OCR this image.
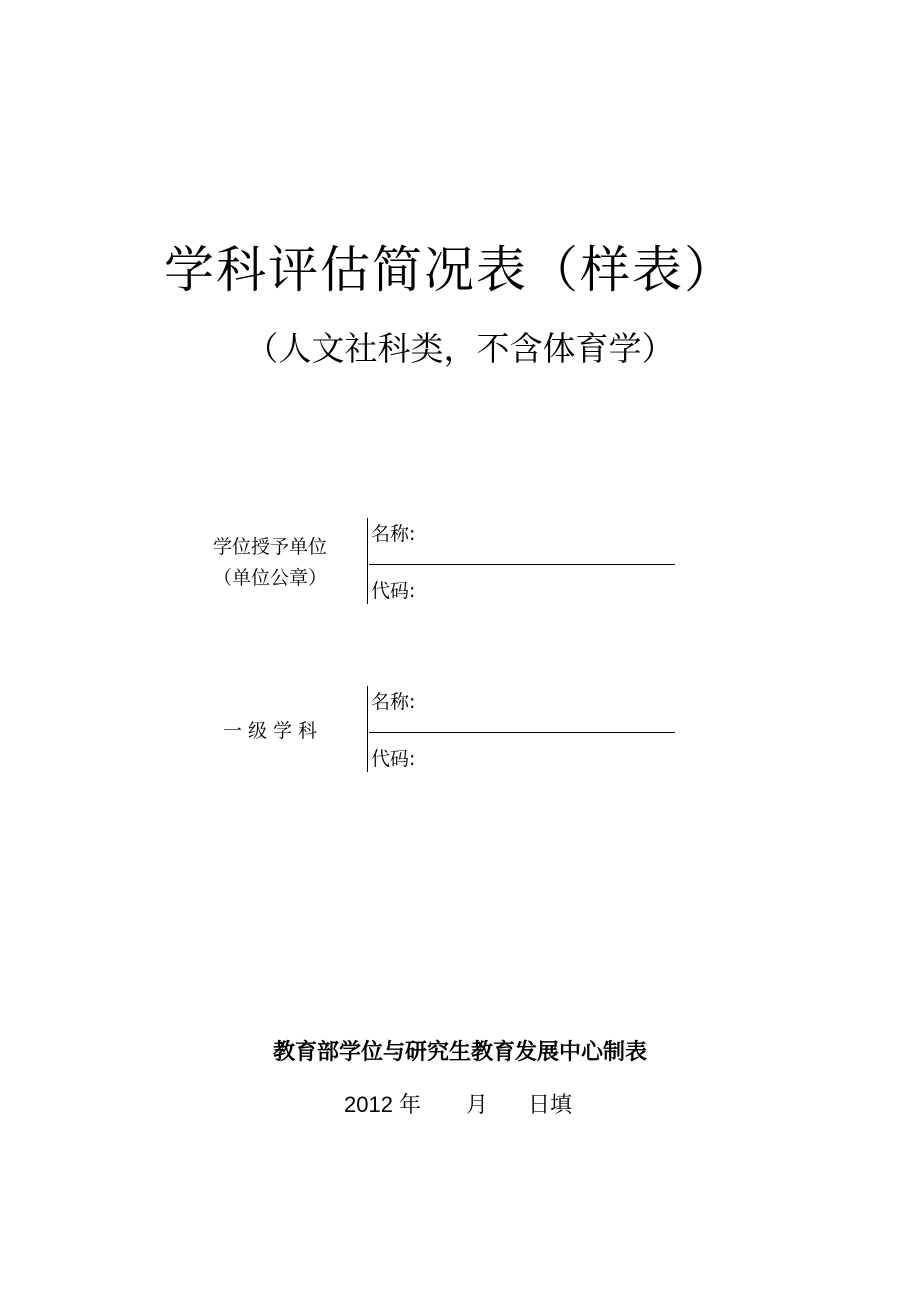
学科评估简况表（样表）
（人文社科类，不含体育学）
学位授予单位
（单位公章）
名称:
代码:
一 级 学 科
名称:
代码:
教育部学位与研究生教育发展中心制表
2012 年 月 日填
